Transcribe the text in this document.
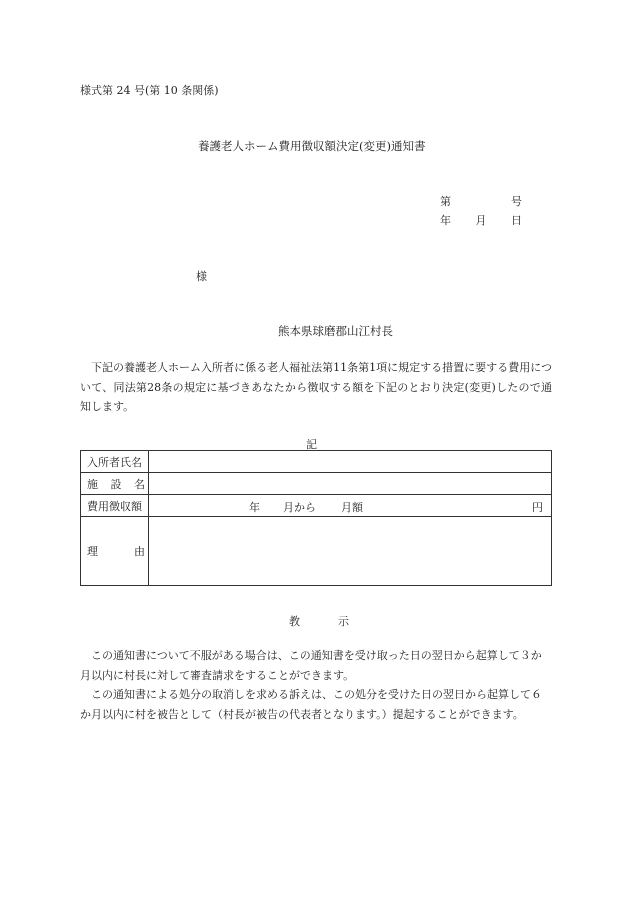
様式第 24 号(第 10 条関係)
養護老人ホーム費用徴収額決定(変更)通知書
第	号
年 月 日
様
熊本県球磨郡山江村長

下記の養護老人ホーム入所者に係る老人福祉法第11条第1項に規定する措置に要する費用について、同法第28条の規定に基づきあなたから徴収する額を下記のとおり決定(変更)したので通知します。

記
入所者氏名	

施 設 名	

費用徴収額	年 月から 月額 円

理 由	

教	示

この通知書について不服がある場合は、この通知書を受け取った日の翌日から起算して３か月以内に村長に対して審査請求をすることができます。

この通知書による処分の取消しを求める訴えは、この処分を受けた日の翌日から起算して６か月以内に村を被告として（村長が被告の代表者となります。）提起することができます。
